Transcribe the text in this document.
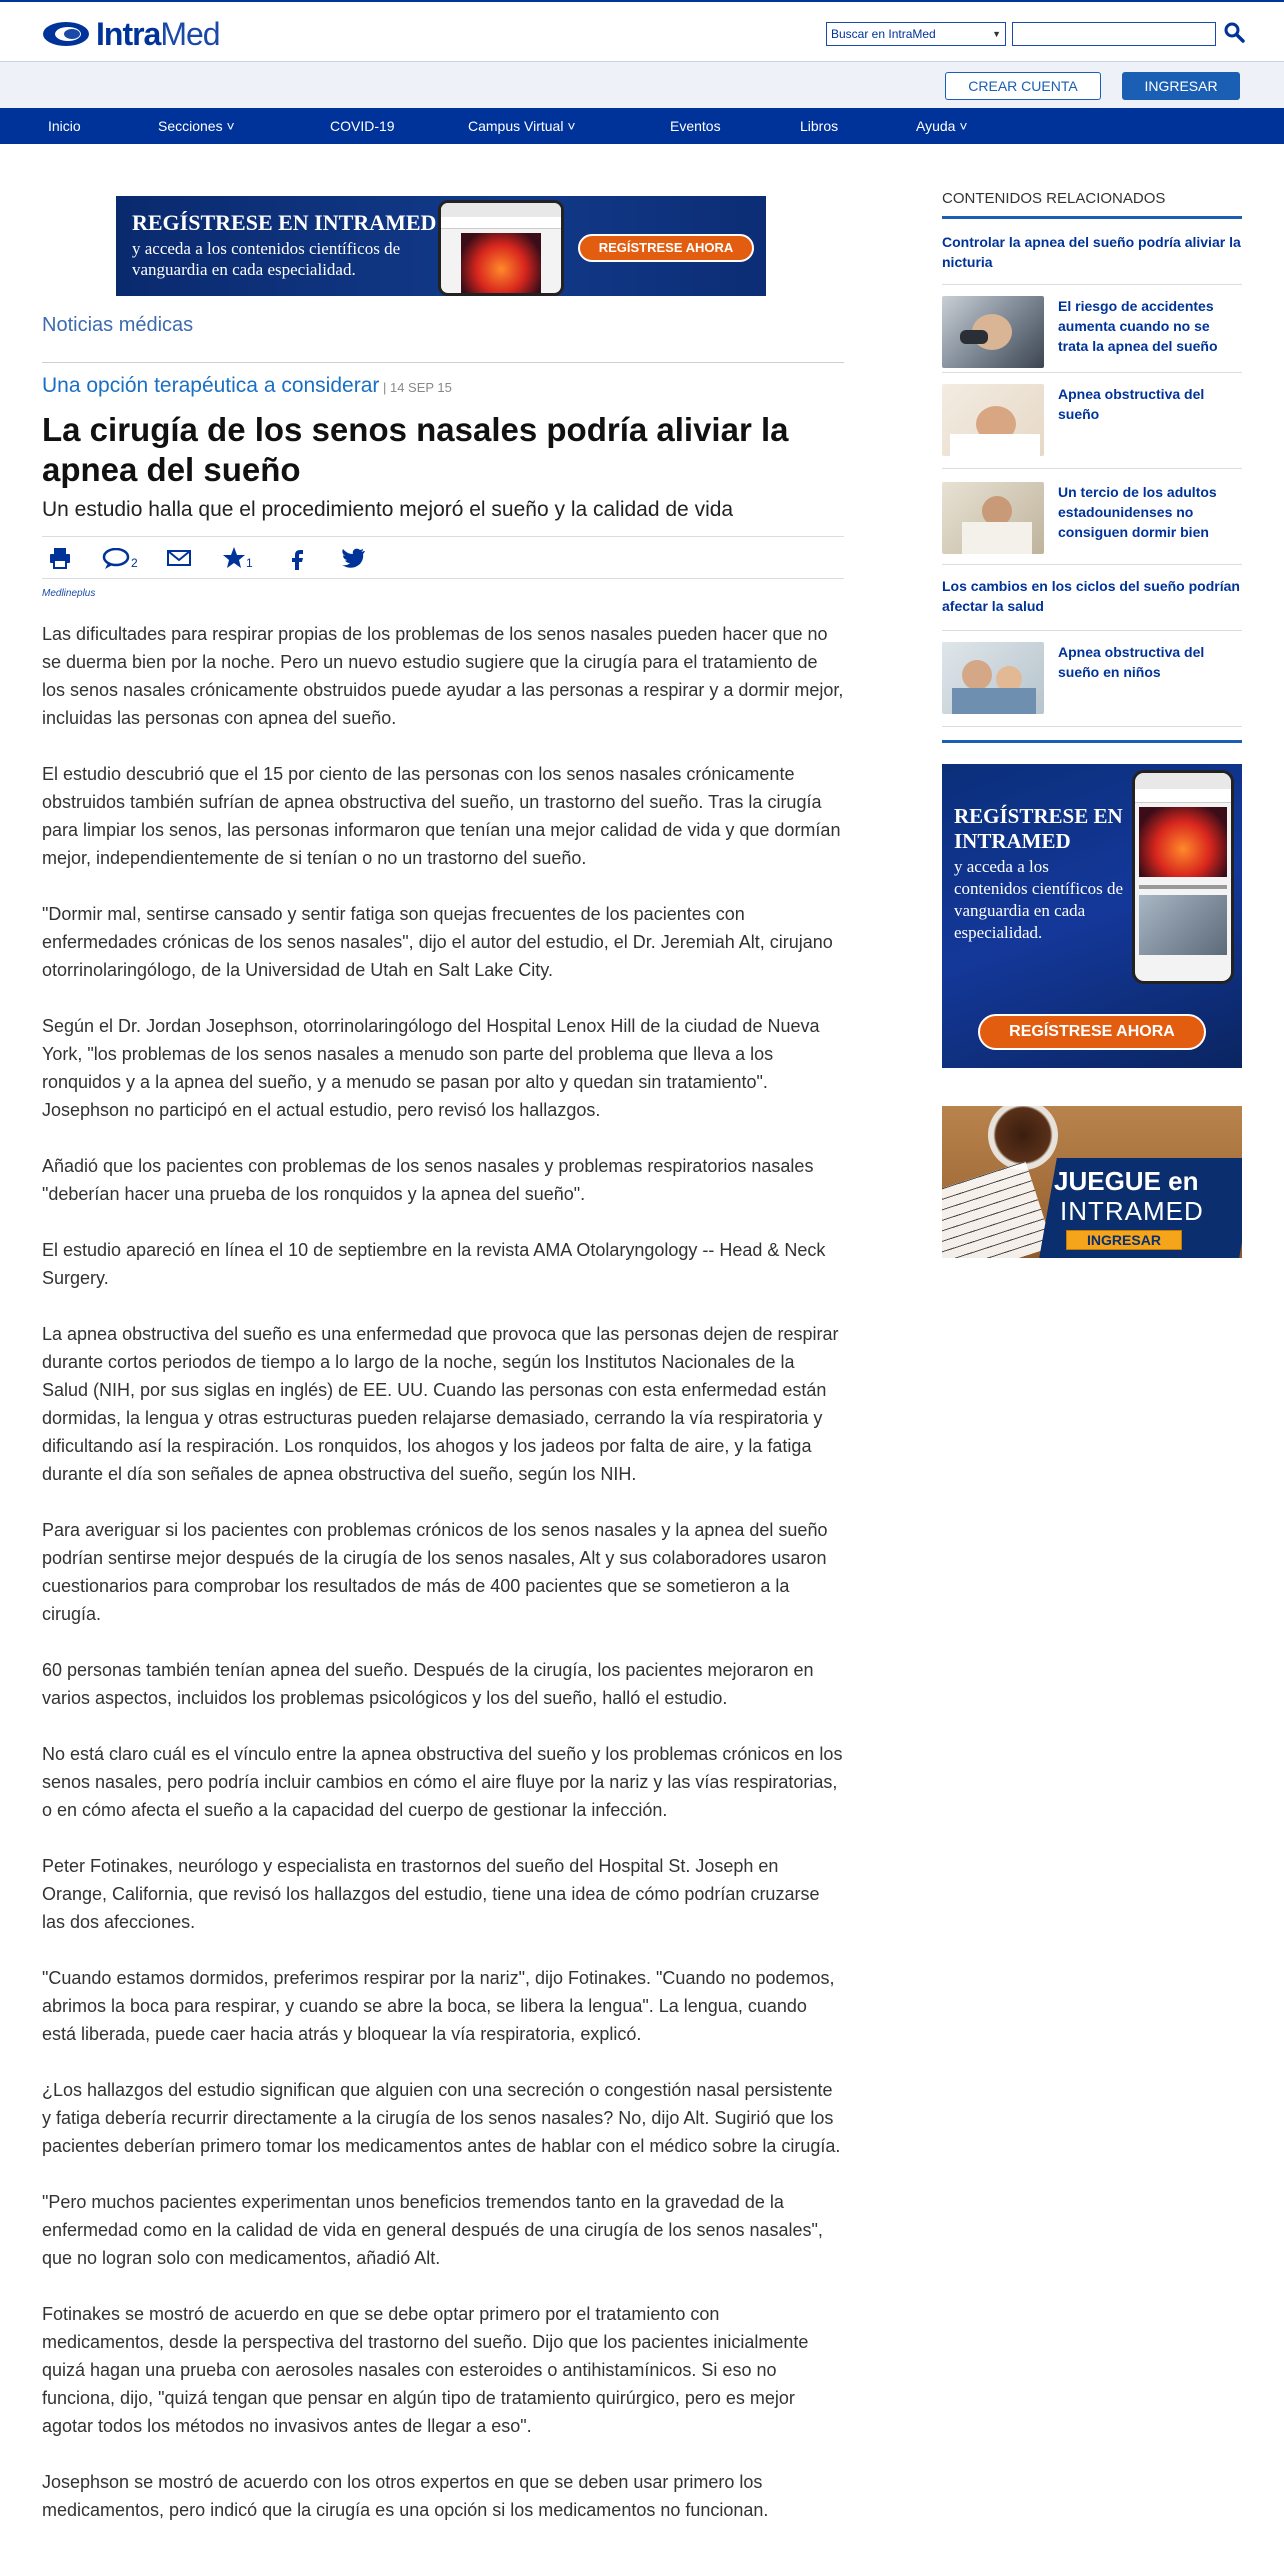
IntraMed	Buscar en IntraMed	▼
CREAR CUENTA	INGRESAR
Inicio	Secciones ˅	COVID-19	Campus Virtual ˅	Eventos	Libros	Ayuda ˅
REGÍSTRESE EN INTRAMED
y acceda a los contenidos científicos de vanguardia en cada especialidad.
REGÍSTRESE AHORA
Noticias médicas
Una opción terapéutica a considerar | 14 SEP 15
La cirugía de los senos nasales podría aliviar la apnea del sueño
Un estudio halla que el procedimiento mejoró el sueño y la calidad de vida
2	1
Medlineplus

Las dificultades para respirar propias de los problemas de los senos nasales pueden hacer que no se duerma bien por la noche. Pero un nuevo estudio sugiere que la cirugía para el tratamiento de los senos nasales crónicamente obstruidos puede ayudar a las personas a respirar y a dormir mejor, incluidas las personas con apnea del sueño.

El estudio descubrió que el 15 por ciento de las personas con los senos nasales crónicamente obstruidos también sufrían de apnea obstructiva del sueño, un trastorno del sueño. Tras la cirugía para limpiar los senos, las personas informaron que tenían una mejor calidad de vida y que dormían mejor, independientemente de si tenían o no un trastorno del sueño.

"Dormir mal, sentirse cansado y sentir fatiga son quejas frecuentes de los pacientes con enfermedades crónicas de los senos nasales", dijo el autor del estudio, el Dr. Jeremiah Alt, cirujano otorrinolaringólogo, de la Universidad de Utah en Salt Lake City.

Según el Dr. Jordan Josephson, otorrinolaringólogo del Hospital Lenox Hill de la ciudad de Nueva York, "los problemas de los senos nasales a menudo son parte del problema que lleva a los ronquidos y a la apnea del sueño, y a menudo se pasan por alto y quedan sin tratamiento". Josephson no participó en el actual estudio, pero revisó los hallazgos.

Añadió que los pacientes con problemas de los senos nasales y problemas respiratorios nasales "deberían hacer una prueba de los ronquidos y la apnea del sueño".

El estudio apareció en línea el 10 de septiembre en la revista AMA Otolaryngology -- Head & Neck Surgery.

La apnea obstructiva del sueño es una enfermedad que provoca que las personas dejen de respirar durante cortos periodos de tiempo a lo largo de la noche, según los Institutos Nacionales de la Salud (NIH, por sus siglas en inglés) de EE. UU. Cuando las personas con esta enfermedad están dormidas, la lengua y otras estructuras pueden relajarse demasiado, cerrando la vía respiratoria y dificultando así la respiración. Los ronquidos, los ahogos y los jadeos por falta de aire, y la fatiga durante el día son señales de apnea obstructiva del sueño, según los NIH.

Para averiguar si los pacientes con problemas crónicos de los senos nasales y la apnea del sueño podrían sentirse mejor después de la cirugía de los senos nasales, Alt y sus colaboradores usaron cuestionarios para comprobar los resultados de más de 400 pacientes que se sometieron a la cirugía.

60 personas también tenían apnea del sueño. Después de la cirugía, los pacientes mejoraron en varios aspectos, incluidos los problemas psicológicos y los del sueño, halló el estudio.

No está claro cuál es el vínculo entre la apnea obstructiva del sueño y los problemas crónicos en los senos nasales, pero podría incluir cambios en cómo el aire fluye por la nariz y las vías respiratorias, o en cómo afecta el sueño a la capacidad del cuerpo de gestionar la infección.

Peter Fotinakes, neurólogo y especialista en trastornos del sueño del Hospital St. Joseph en Orange, California, que revisó los hallazgos del estudio, tiene una idea de cómo podrían cruzarse las dos afecciones.

"Cuando estamos dormidos, preferimos respirar por la nariz", dijo Fotinakes. "Cuando no podemos, abrimos la boca para respirar, y cuando se abre la boca, se libera la lengua". La lengua, cuando está liberada, puede caer hacia atrás y bloquear la vía respiratoria, explicó.

¿Los hallazgos del estudio significan que alguien con una secreción o congestión nasal persistente y fatiga debería recurrir directamente a la cirugía de los senos nasales? No, dijo Alt. Sugirió que los pacientes deberían primero tomar los medicamentos antes de hablar con el médico sobre la cirugía.

"Pero muchos pacientes experimentan unos beneficios tremendos tanto en la gravedad de la enfermedad como en la calidad de vida en general después de una cirugía de los senos nasales", que no logran solo con medicamentos, añadió Alt.

Fotinakes se mostró de acuerdo en que se debe optar primero por el tratamiento con medicamentos, desde la perspectiva del trastorno del sueño. Dijo que los pacientes inicialmente quizá hagan una prueba con aerosoles nasales con esteroides o antihistamínicos. Si eso no funciona, dijo, "quizá tengan que pensar en algún tipo de tratamiento quirúrgico, pero es mejor agotar todos los métodos no invasivos antes de llegar a eso".

Josephson se mostró de acuerdo con los otros expertos en que se deben usar primero los medicamentos, pero indicó que la cirugía es una opción si los medicamentos no funcionan.

CONTENIDOS RELACIONADOS
Controlar la apnea del sueño podría aliviar la nicturia
El riesgo de accidentes aumenta cuando no se trata la apnea del sueño
Apnea obstructiva del sueño
Un tercio de los adultos estadounidenses no consiguen dormir bien
Los cambios en los ciclos del sueño podrían afectar la salud
Apnea obstructiva del sueño en niños
REGÍSTRESE EN INTRAMED
y acceda a los contenidos científicos de vanguardia en cada especialidad.
REGÍSTRESE AHORA
JUEGUE en
INTRAMED
INGRESAR
